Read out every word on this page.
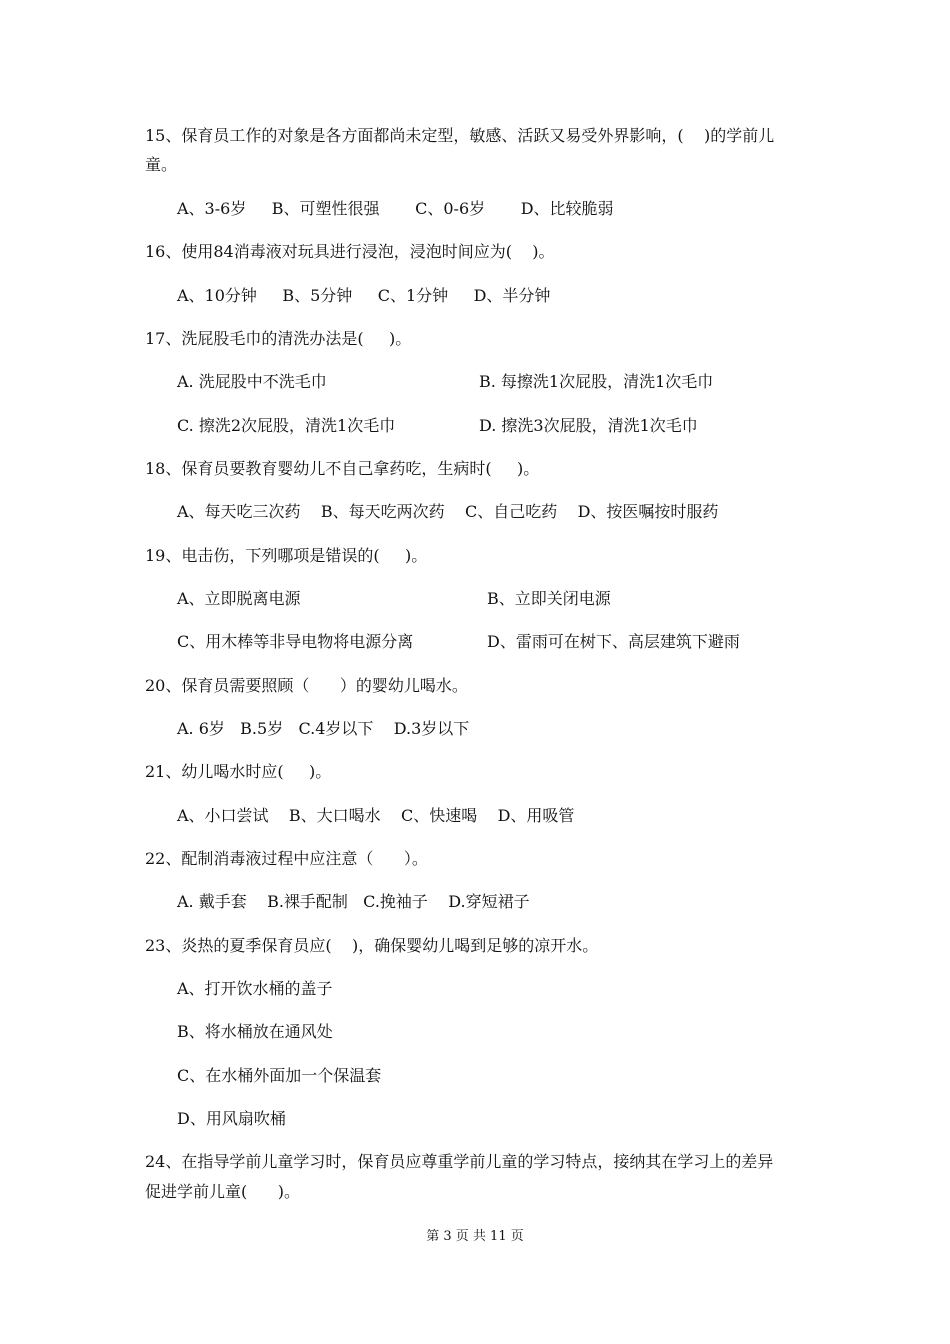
15、保育员工作的对象是各方面都尚未定型，敏感、活跃又易受外界影响，(    )的学前儿
童。
A、3-6岁     B、可塑性很强       C、0-6岁       D、比较脆弱
16、使用84消毒液对玩具进行浸泡，浸泡时间应为(    )。
A、10分钟     B、5分钟     C、1分钟     D、半分钟
17、洗屁股毛巾的清洗办法是(     )。
A. 洗屁股中不洗毛巾	B. 每擦洗1次屁股，清洗1次毛巾
C. 擦洗2次屁股，清洗1次毛巾	D. 擦洗3次屁股，清洗1次毛巾
18、保育员要教育婴幼儿不自己拿药吃，生病时(     )。
A、每天吃三次药    B、每天吃两次药    C、自己吃药    D、按医嘱按时服药
19、电击伤，下列哪项是错误的(     )。
A、立即脱离电源	B、立即关闭电源
C、用木棒等非导电物将电源分离	D、雷雨可在树下、高层建筑下避雨
20、保育员需要照顾（      ）的婴幼儿喝水。
A. 6岁   B.5岁   C.4岁以下    D.3岁以下
21、幼儿喝水时应(     )。
A、小口尝试    B、大口喝水    C、快速喝    D、用吸管
22、配制消毒液过程中应注意（      ）。
A. 戴手套    B.裸手配制   C.挽袖子    D.穿短裙子
23、炎热的夏季保育员应(    )，确保婴幼儿喝到足够的凉开水。
A、打开饮水桶的盖子
B、将水桶放在通风处
C、在水桶外面加一个保温套
D、用风扇吹桶
24、在指导学前儿童学习时，保育员应尊重学前儿童的学习特点，接纳其在学习上的差异
促进学前儿童(      )。
第 3 页 共 11 页
